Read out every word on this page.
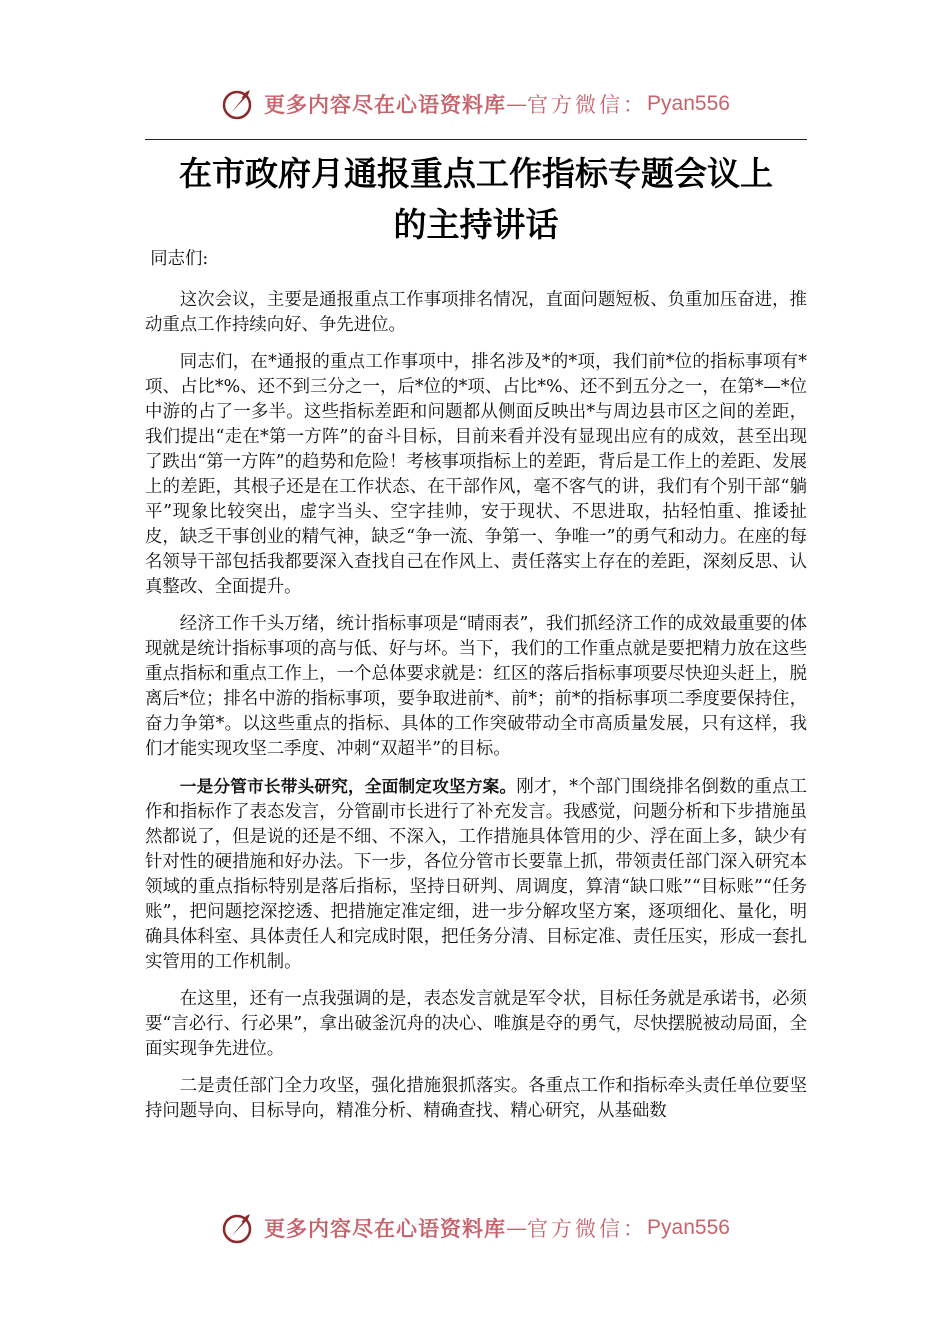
更多内容尽在心语资料库 — 官方微信： Pyan556
在市政府月通报重点工作指标专题会议上
的主持讲话

同志们:

这次会议，主要是通报重点工作事项排名情况，直面问题短板、负重加压奋进，推动重点工作持续向好、争先进位。

同志们，在*通报的重点工作事项中，排名涉及*的*项，我们前*位的指标事项有*项、占比*%、还不到三分之一，后*位的*项、占比*%、还不到五分之一，在第*—*位中游的占了一多半。这些指标差距和问题都从侧面反映出*与周边县市区之间的差距，我们提出“走在*第一方阵”的奋斗目标，目前来看并没有显现出应有的成效，甚至出现了跌出“第一方阵”的趋势和危险！考核事项指标上的差距，背后是工作上的差距、发展上的差距，其根子还是在工作状态、在干部作风，毫不客气的讲，我们有个别干部“躺平”现象比较突出，虚字当头、空字挂帅，安于现状、不思进取，拈轻怕重、推诿扯皮，缺乏干事创业的精气神，缺乏“争一流、争第一、争唯一”的勇气和动力。在座的每名领导干部包括我都要深入查找自己在作风上、责任落实上存在的差距，深刻反思、认真整改、全面提升。

经济工作千头万绪，统计指标事项是“晴雨表”，我们抓经济工作的成效最重要的体现就是统计指标事项的高与低、好与坏。当下，我们的工作重点就是要把精力放在这些重点指标和重点工作上，一个总体要求就是：红区的落后指标事项要尽快迎头赶上，脱离后*位；排名中游的指标事项，要争取进前*、前*；前*的指标事项二季度要保持住，奋力争第*。以这些重点的指标、具体的工作突破带动全市高质量发展，只有这样，我们才能实现攻坚二季度、冲刺“双超半”的目标。

一是分管市长带头研究，全面制定攻坚方案。刚才，*个部门围绕排名倒数的重点工作和指标作了表态发言，分管副市长进行了补充发言。我感觉，问题分析和下步措施虽然都说了，但是说的还是不细、不深入，工作措施具体管用的少、浮在面上多，缺少有针对性的硬措施和好办法。下一步，各位分管市长要靠上抓，带领责任部门深入研究本领域的重点指标特别是落后指标，坚持日研判、周调度，算清“缺口账”“目标账”“任务账”，把问题挖深挖透、把措施定准定细，进一步分解攻坚方案，逐项细化、量化，明确具体科室、具体责任人和完成时限，把任务分清、目标定准、责任压实，形成一套扎实管用的工作机制。

在这里，还有一点我强调的是，表态发言就是军令状，目标任务就是承诺书，必须要“言必行、行必果”，拿出破釜沉舟的决心、唯旗是夺的勇气，尽快摆脱被动局面，全面实现争先进位。

二是责任部门全力攻坚，强化措施狠抓落实。各重点工作和指标牵头责任单位要坚持问题导向、目标导向，精准分析、精确查找、精心研究，从基础数

更多内容尽在心语资料库 — 官方微信： Pyan556
